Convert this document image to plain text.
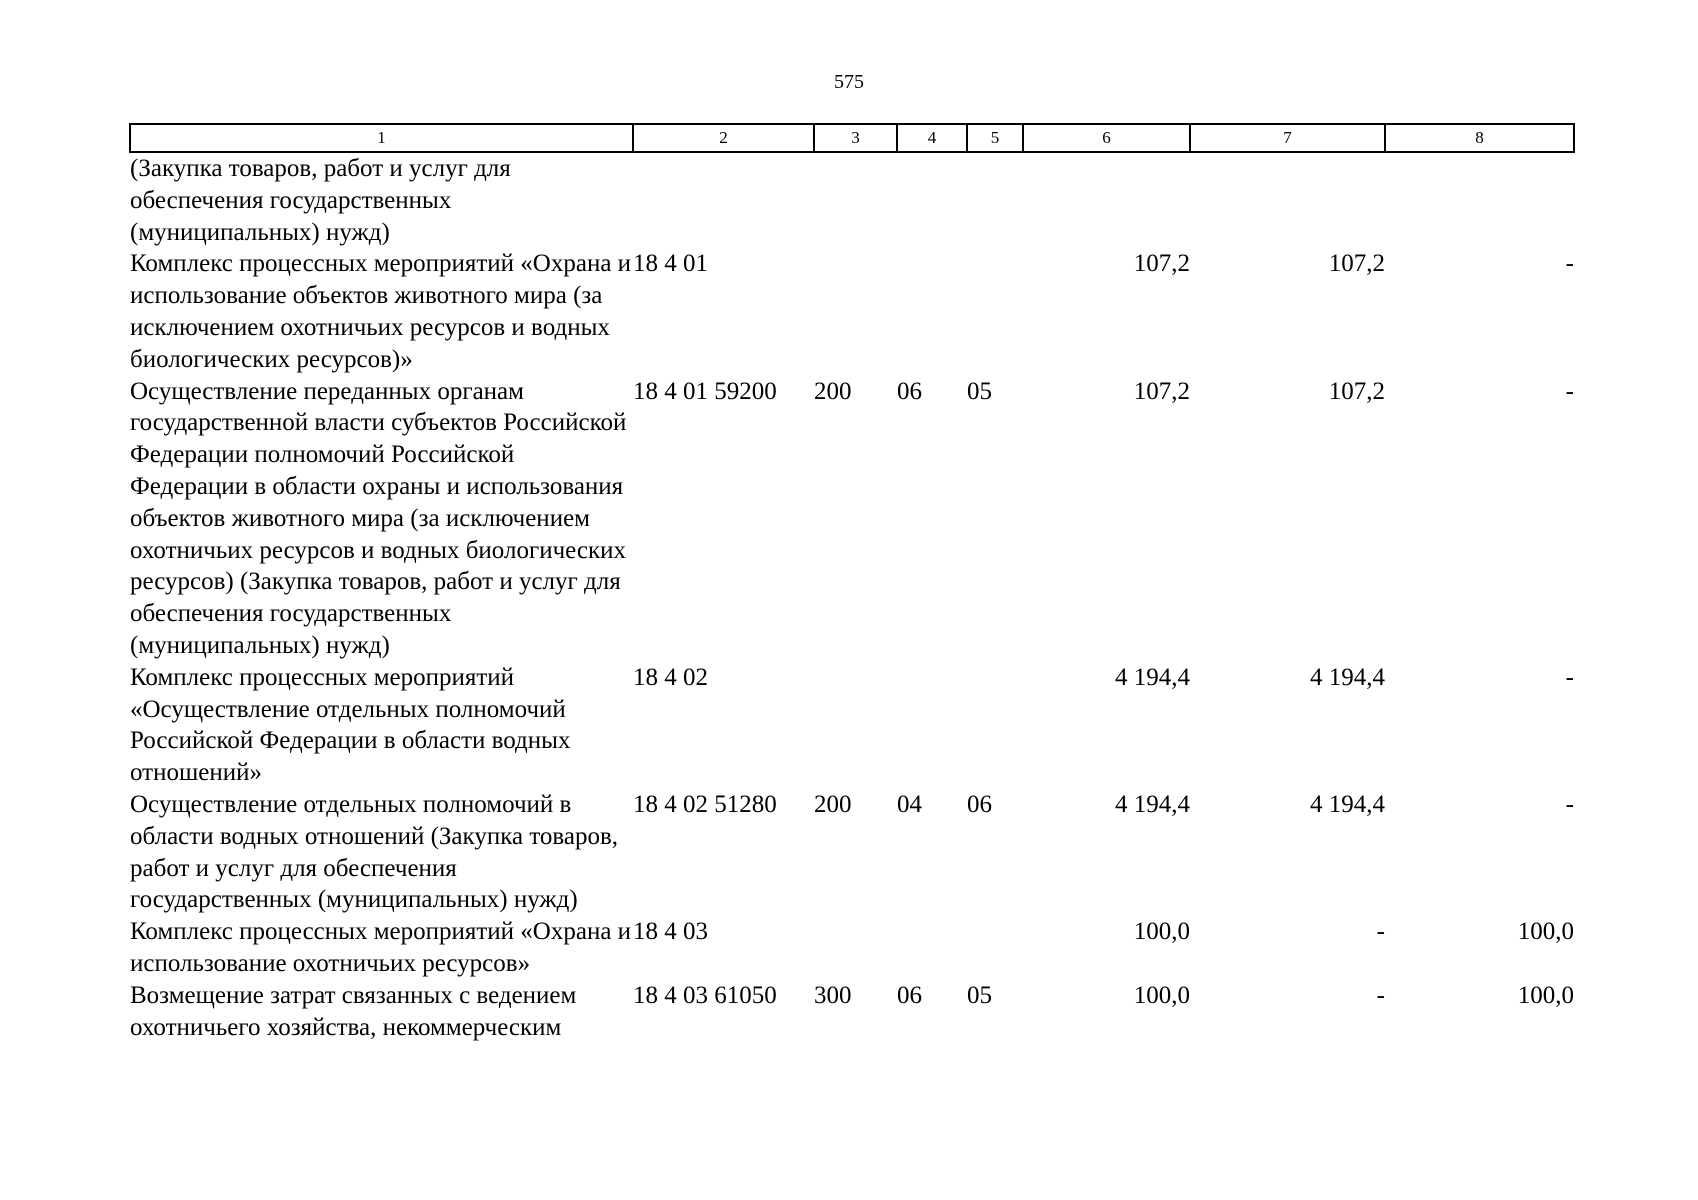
575
1	2	3	4	5	6	7	8
(Закупка товаров, работ и услуг для обеспечения государственных (муниципальных) нужд)							
Комплекс процессных мероприятий «Охрана и использование объектов животного мира (за исключением охотничьих ресурсов и водных биологических ресурсов)»	18 4 01				107,2	107,2	-
Осуществление переданных органам государственной власти субъектов Российской Федерации полномочий Российской Федерации в области охраны и использования объектов животного мира (за исключением охотничьих ресурсов и водных биологических ресурсов) (Закупка товаров, работ и услуг для обеспечения государственных (муниципальных) нужд)	18 4 01 59200	200	06	05	107,2	107,2	-
Комплекс процессных мероприятий «Осуществление отдельных полномочий Российской Федерации в области водных отношений»	18 4 02				4 194,4	4 194,4	-
Осуществление отдельных полномочий в области водных отношений (Закупка товаров, работ и услуг для обеспечения государственных (муниципальных) нужд)	18 4 02 51280	200	04	06	4 194,4	4 194,4	-
Комплекс процессных мероприятий «Охрана и использование охотничьих ресурсов»	18 4 03				100,0	-	100,0
Возмещение затрат связанных с ведением охотничьего хозяйства, некоммерческим	18 4 03 61050	300	06	05	100,0	-	100,0
